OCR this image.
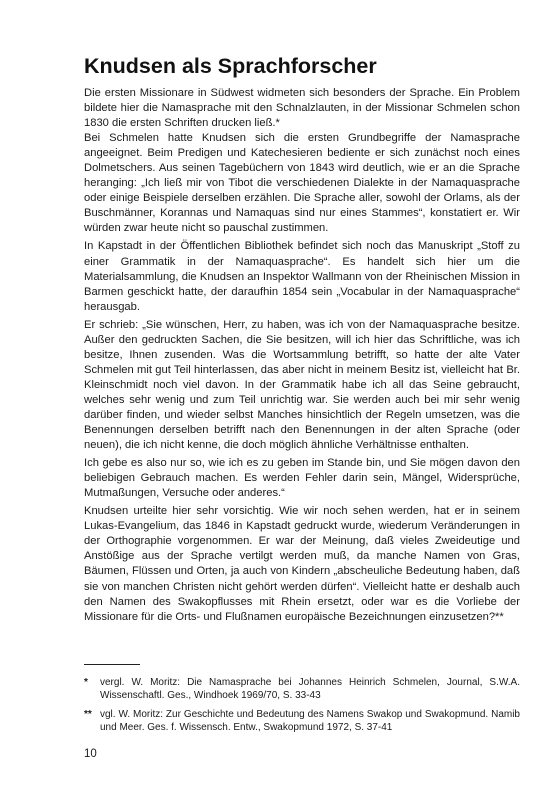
Knudsen als Sprachforscher

Die ersten Missionare in Südwest widmeten sich besonders der Sprache. Ein Problem bildete hier die Namasprache mit den Schnalzlauten, in der Missionar Schmelen schon 1830 die ersten Schriften drucken ließ.*

Bei Schmelen hatte Knudsen sich die ersten Grundbegriffe der Namasprache angeeignet. Beim Predigen und Katechesieren bediente er sich zunächst noch eines Dolmetschers. Aus seinen Tagebüchern von 1843 wird deutlich, wie er an die Sprache heranging: „Ich ließ mir von Tibot die verschiedenen Dialekte in der Namaquasprache oder einige Beispiele derselben erzählen. Die Sprache aller, sowohl der Orlams, als der Buschmänner, Korannas und Namaquas sind nur eines Stammes“, konstatiert er. Wir würden zwar heute nicht so pauschal zustimmen.

In Kapstadt in der Öffentlichen Bibliothek befindet sich noch das Manuskript „Stoff zu einer Grammatik in der Namaquasprache“. Es handelt sich hier um die Materialsammlung, die Knudsen an Inspektor Wallmann von der Rheinischen Mission in Barmen geschickt hatte, der daraufhin 1854 sein „Vocabular in der Namaquasprache“ herausgab.

Er schrieb: „Sie wünschen, Herr, zu haben, was ich von der Namaquasprache besitze. Außer den gedruckten Sachen, die Sie besitzen, will ich hier das Schriftliche, was ich besitze, Ihnen zusenden. Was die Wortsammlung betrifft, so hatte der alte Vater Schmelen mit gut Teil hinterlassen, das aber nicht in meinem Besitz ist, vielleicht hat Br. Kleinschmidt noch viel davon. In der Grammatik habe ich all das Seine gebraucht, welches sehr wenig und zum Teil unrichtig war. Sie werden auch bei mir sehr wenig darüber finden, und wieder selbst Manches hinsichtlich der Regeln umsetzen, was die Benennungen derselben betrifft nach den Benennungen in der alten Sprache (oder neuen), die ich nicht kenne, die doch möglich ähnliche Verhältnisse enthalten.

Ich gebe es also nur so, wie ich es zu geben im Stande bin, und Sie mögen davon den beliebigen Gebrauch machen. Es werden Fehler darin sein, Mängel, Widersprüche, Mutmaßungen, Versuche oder anderes.“

Knudsen urteilte hier sehr vorsichtig. Wie wir noch sehen werden, hat er in seinem Lukas-Evangelium, das 1846 in Kapstadt gedruckt wurde, wiederum Veränderungen in der Orthographie vorgenommen. Er war der Meinung, daß vieles Zweideutige und Anstößige aus der Sprache vertilgt werden muß, da manche Namen von Gras, Bäumen, Flüssen und Orten, ja auch von Kindern „abscheuliche Bedeutung haben, daß sie von manchen Christen nicht gehört werden dürfen“. Vielleicht hatte er deshalb auch den Namen des Swakopflusses mit Rhein ersetzt, oder war es die Vorliebe der Missionare für die Orts- und Flußnamen europäische Bezeichnungen einzusetzen?**

* vergl. W. Moritz: Die Namasprache bei Johannes Heinrich Schmelen, Journal, S.W.A. Wissenschaftl. Ges., Windhoek 1969/70, S. 33-43
** vgl. W. Moritz: Zur Geschichte und Bedeutung des Namens Swakop und Swakopmund. Namib und Meer. Ges. f. Wissensch. Entw., Swakopmund 1972, S. 37-41
10
